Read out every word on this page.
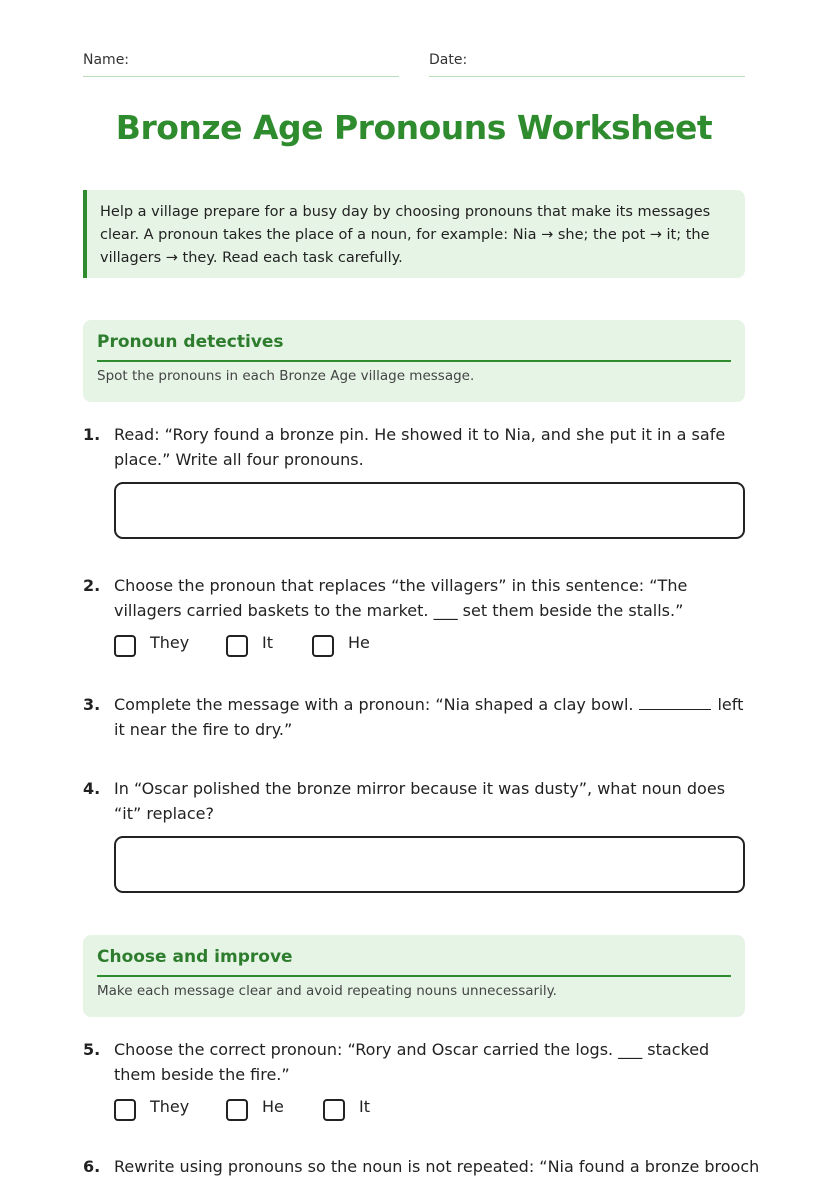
Name:	Date:
Bronze Age Pronouns Worksheet
Help a village prepare for a busy day by choosing pronouns that make its messages clear. A pronoun takes the place of a noun, for example: Nia → she; the pot → it; the villagers → they. Read each task carefully.
Pronoun detectives
Spot the pronouns in each Bronze Age village message.
1. Read: “Rory found a bronze pin. He showed it to Nia, and she put it in a safe place.” Write all four pronouns.
2. Choose the pronoun that replaces “the villagers” in this sentence: “The villagers carried baskets to the market. ___ set them beside the stalls.”
They	It	He
3. Complete the message with a pronoun: “Nia shaped a clay bowl.	left it near the fire to dry.”
4. In “Oscar polished the bronze mirror because it was dusty”, what noun does “it” replace?
Choose and improve
Make each message clear and avoid repeating nouns unnecessarily.
5. Choose the correct pronoun: “Rory and Oscar carried the logs. ___ stacked them beside the fire.”
They	He	It
6. Rewrite using pronouns so the noun is not repeated: “Nia found a bronze brooch
